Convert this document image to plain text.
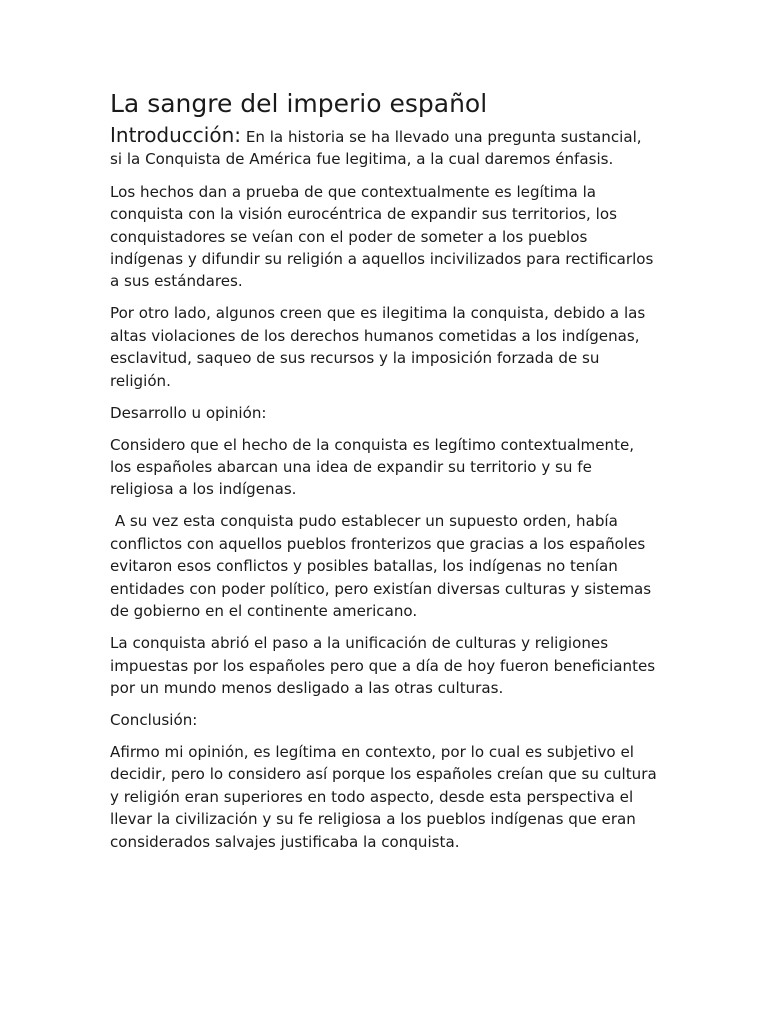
La sangre del imperio español
Introducción: En la historia se ha llevado una pregunta sustancial, si la Conquista de América fue legitima, a la cual daremos énfasis.

Los hechos dan a prueba de que contextualmente es legítima la conquista con la visión eurocéntrica de expandir sus territorios, los conquistadores se veían con el poder de someter a los pueblos indígenas y difundir su religión a aquellos incivilizados para rectificarlos a sus estándares.

Por otro lado, algunos creen que es ilegitima la conquista, debido a las altas violaciones de los derechos humanos cometidas a los indígenas, esclavitud, saqueo de sus recursos y la imposición forzada de su religión.

Desarrollo u opinión:

Considero que el hecho de la conquista es legítimo contextualmente, los españoles abarcan una idea de expandir su territorio y su fe religiosa a los indígenas.

A su vez esta conquista pudo establecer un supuesto orden, había conflictos con aquellos pueblos fronterizos que gracias a los españoles evitaron esos conflictos y posibles batallas, los indígenas no tenían entidades con poder político, pero existían diversas culturas y sistemas de gobierno en el continente americano.

La conquista abrió el paso a la unificación de culturas y religiones impuestas por los españoles pero que a día de hoy fueron beneficiantes por un mundo menos desligado a las otras culturas.

Conclusión:

Afirmo mi opinión, es legítima en contexto, por lo cual es subjetivo el decidir, pero lo considero así porque los españoles creían que su cultura y religión eran superiores en todo aspecto, desde esta perspectiva el llevar la civilización y su fe religiosa a los pueblos indígenas que eran considerados salvajes justificaba la conquista.
